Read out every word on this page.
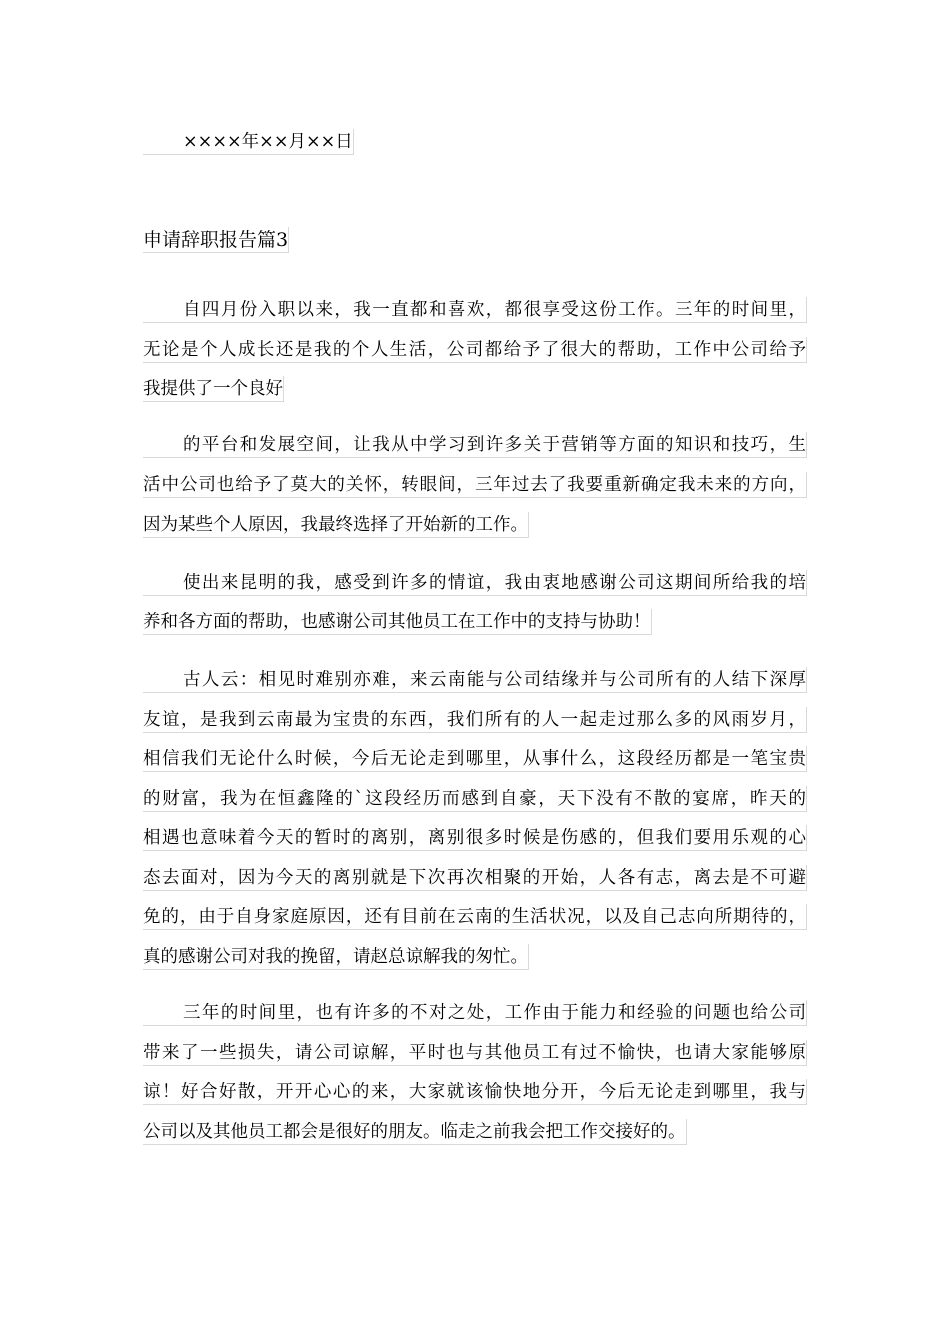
××××年××月××日
申请辞职报告篇3
自四月份入职以来，我一直都和喜欢，都很享受这份工作。三年的时间里，
无论是个人成长还是我的个人生活，公司都给予了很大的帮助，工作中公司给予
我提供了一个良好
的平台和发展空间，让我从中学习到许多关于营销等方面的知识和技巧，生
活中公司也给予了莫大的关怀，转眼间，三年过去了我要重新确定我未来的方向，
因为某些个人原因，我最终选择了开始新的工作。
使出来昆明的我，感受到许多的情谊，我由衷地感谢公司这期间所给我的培
养和各方面的帮助，也感谢公司其他员工在工作中的支持与协助！
古人云：相见时难别亦难，来云南能与公司结缘并与公司所有的人结下深厚
友谊，是我到云南最为宝贵的东西，我们所有的人一起走过那么多的风雨岁月，
相信我们无论什么时候，今后无论走到哪里，从事什么，这段经历都是一笔宝贵
的财富，我为在恒鑫隆的`这段经历而感到自豪，天下没有不散的宴席，昨天的
相遇也意味着今天的暂时的离别，离别很多时候是伤感的，但我们要用乐观的心
态去面对，因为今天的离别就是下次再次相聚的开始，人各有志，离去是不可避
免的，由于自身家庭原因，还有目前在云南的生活状况，以及自己志向所期待的，
真的感谢公司对我的挽留，请赵总谅解我的匆忙。
三年的时间里，也有许多的不对之处，工作由于能力和经验的问题也给公司
带来了一些损失，请公司谅解，平时也与其他员工有过不愉快，也请大家能够原
谅！好合好散，开开心心的来，大家就该愉快地分开，今后无论走到哪里，我与
公司以及其他员工都会是很好的朋友。临走之前我会把工作交接好的。
